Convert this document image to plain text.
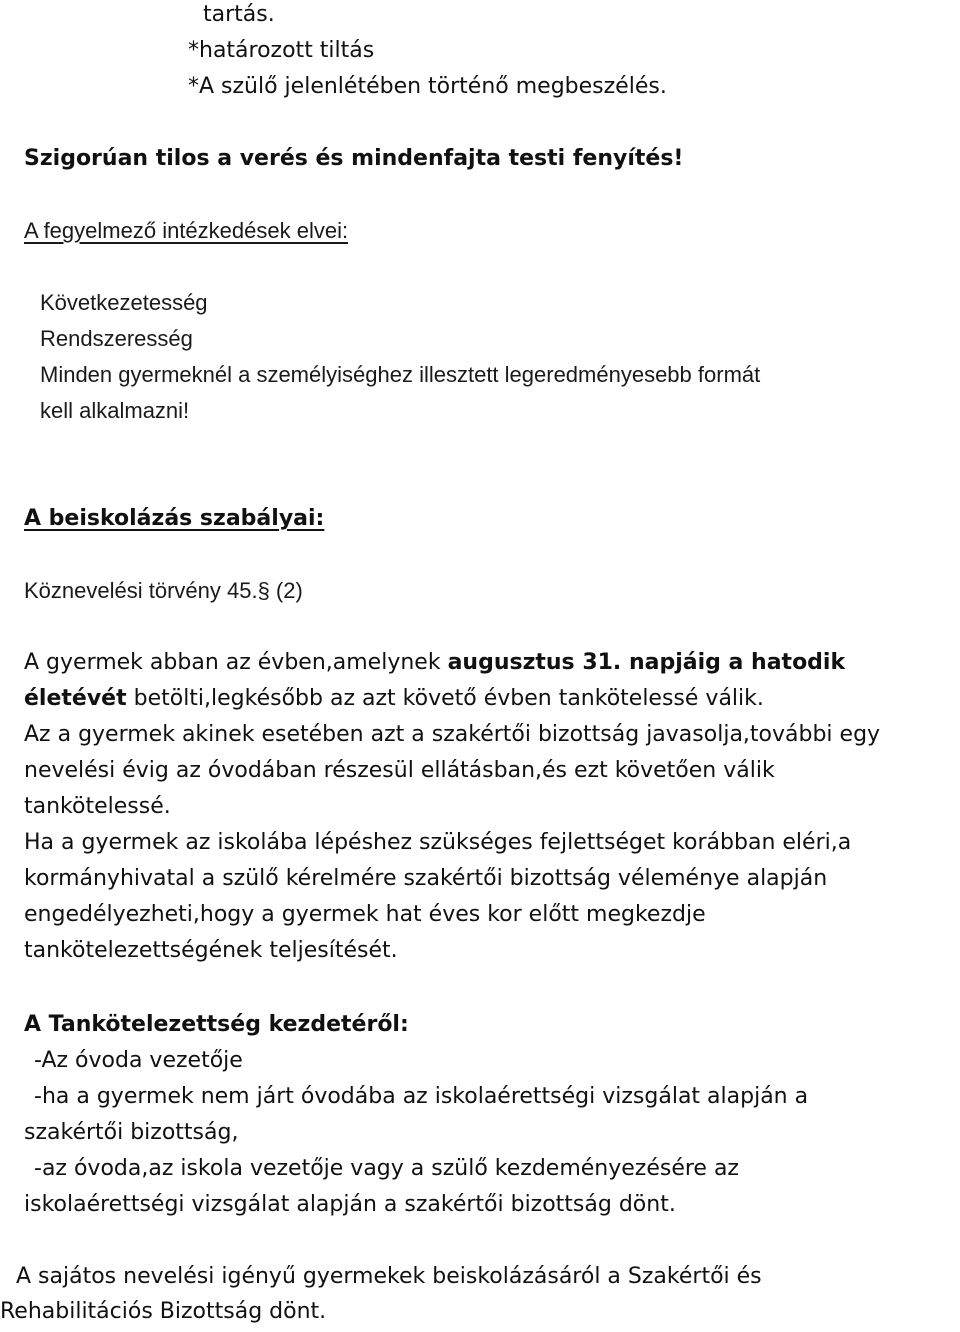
tartás.
*határozott tiltás
*A szülő jelenlétében történő megbeszélés.
Szigorúan tilos a verés és mindenfajta testi fenyítés!
A fegyelmező intézkedések elvei:
Következetesség
Rendszeresség
Minden gyermeknél a személyiséghez illesztett legeredményesebb formát
kell alkalmazni!
A beiskolázás szabályai:
Köznevelési törvény 45.§ (2)
A gyermek abban az évben,amelynek augusztus 31. napjáig a hatodik
életévét betölti,legkésőbb az azt követő évben tankötelessé válik.
Az a gyermek akinek esetében azt a szakértői bizottság javasolja,további egy
nevelési évig az óvodában részesül ellátásban,és ezt követően válik
tankötelessé.
Ha a gyermek az iskolába lépéshez szükséges fejlettséget korábban eléri,a
kormányhivatal a szülő kérelmére szakértői bizottság véleménye alapján
engedélyezheti,hogy a gyermek hat éves kor előtt megkezdje
tankötelezettségének teljesítését.
A Tankötelezettség kezdetéről:
-Az óvoda vezetője
-ha a gyermek nem járt óvodába az iskolaérettségi vizsgálat alapján a
szakértői bizottság,
-az óvoda,az iskola vezetője vagy a szülő kezdeményezésére az
iskolaérettségi vizsgálat alapján a szakértői bizottság dönt.
A sajátos nevelési igényű gyermekek beiskolázásáról a Szakértői és
Rehabilitációs Bizottság dönt.
